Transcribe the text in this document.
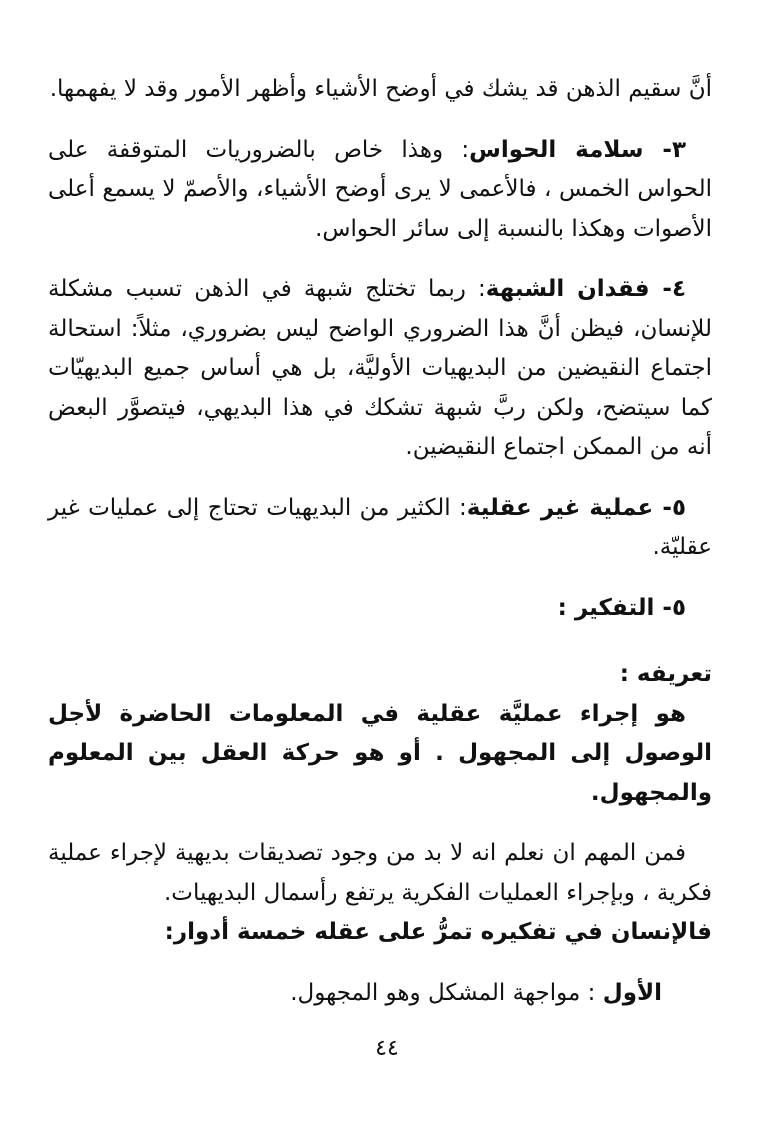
أنَّ سقيم الذهن قد يشك في أوضح الأشياء وأظهر الأمور وقد لا يفهمها.

٣- سلامة الحواس: وهذا خاص بالضروريات المتوقفة على الحواس الخمس ، فالأعمى لا يرى أوضح الأشياء، والأصمّ لا يسمع أعلى الأصوات وهكذا بالنسبة إلى سائر الحواس.

٤- فقدان الشبهة: ربما تختلج شبهة في الذهن تسبب مشكلة للإنسان، فيظن أنَّ هذا الضروري الواضح ليس بضروري، مثلاً: استحالة اجتماع النقيضين من البديهيات الأوليَّة، بل هي أساس جميع البديهيّات كما سيتضح، ولكن ربَّ شبهة تشكك في هذا البديهي، فيتصوَّر البعض أنه من الممكن اجتماع النقيضين.

٥- عملية غير عقلية: الكثير من البديهيات تحتاج إلى عمليات غير عقليّة.

٥- التفكير :

تعريفه :

هو إجراء عمليَّة عقلية في المعلومات الحاضرة لأجل الوصول إلى المجهول . أو هو حركة العقل بين المعلوم والمجهول.

فمن المهم ان نعلم انه لا بد من وجود تصديقات بديهية لإجراء عملية فكرية ، وبإجراء العمليات الفكرية يرتفع رأسمال البديهيات.

فالإنسان في تفكيره تمرُّ على عقله خمسة أدوار:

الأول : مواجهة المشكل وهو المجهول.

٤٤
